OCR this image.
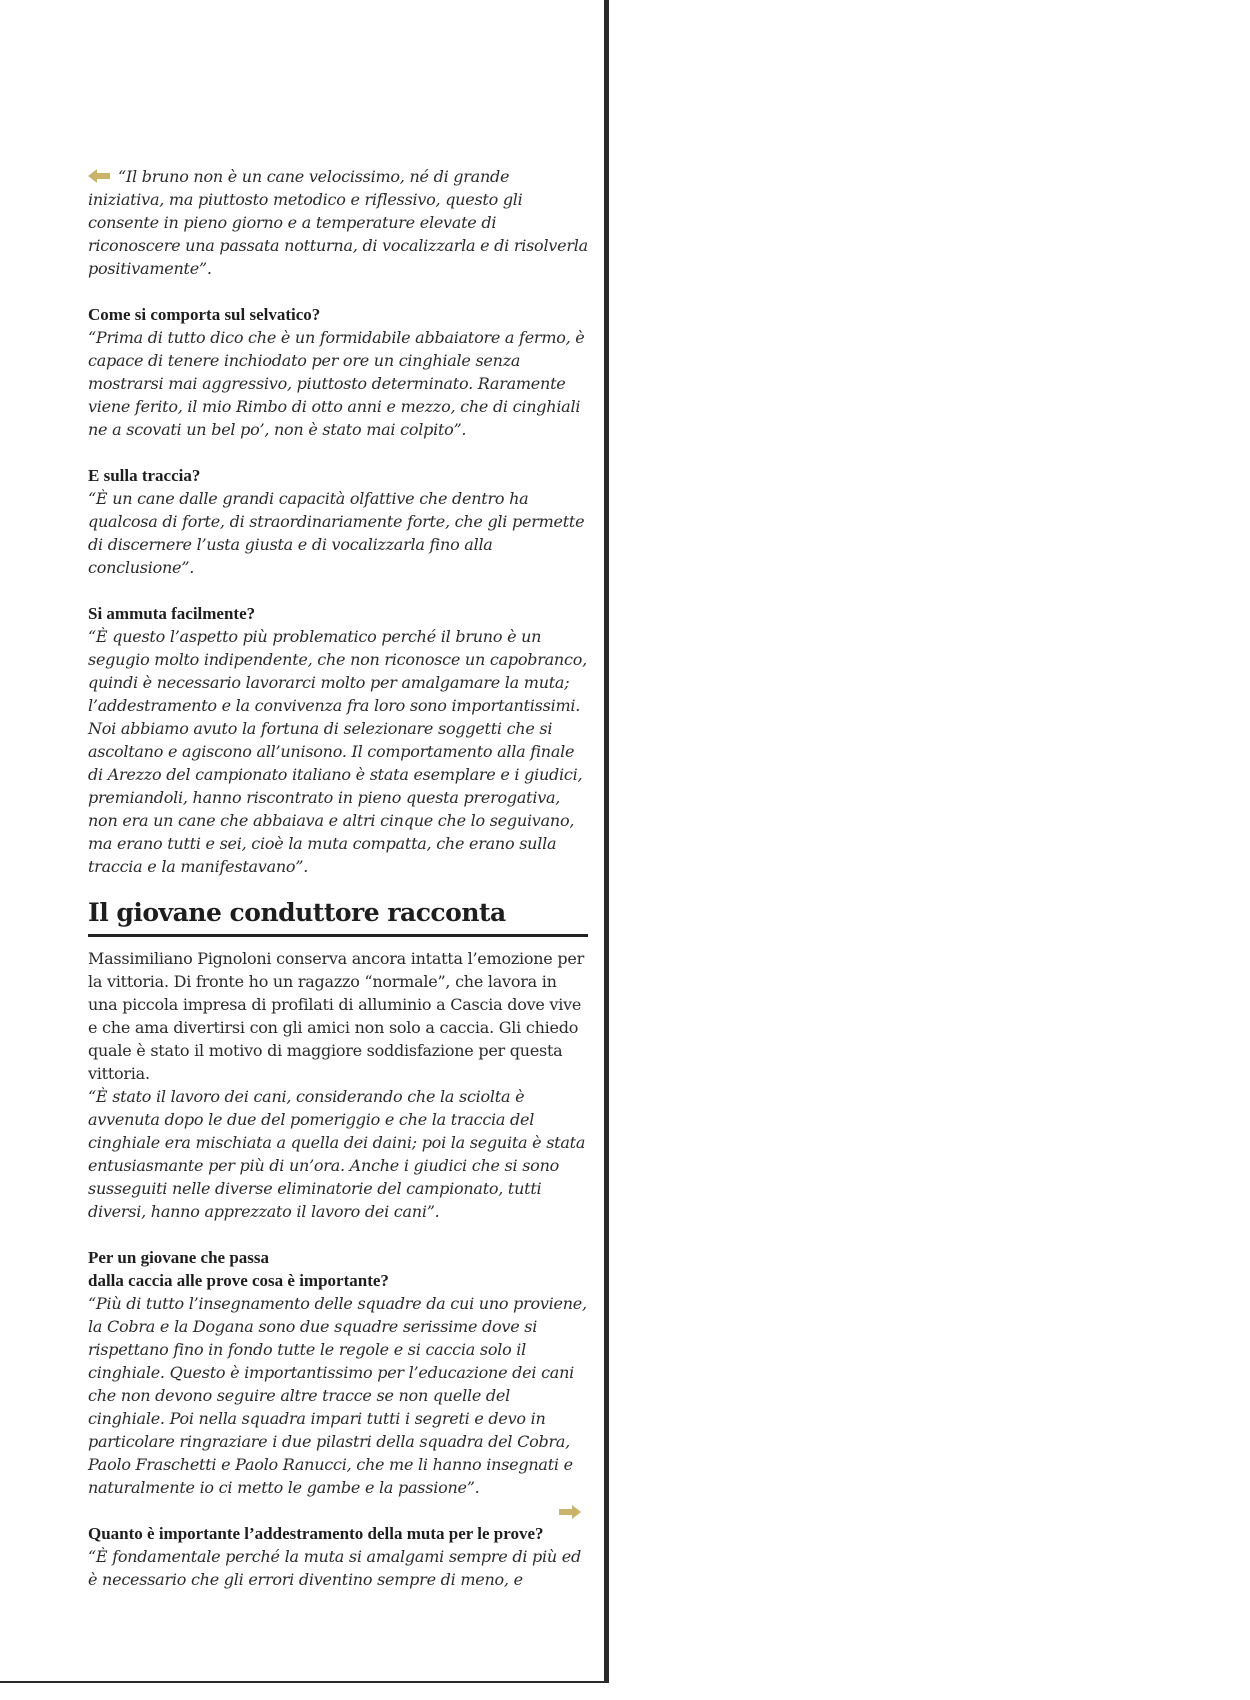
“Il bruno non è un cane velocissimo, né di grande iniziativa, ma piuttosto metodico e riflessivo, questo gli consente in pieno giorno e a temperature elevate di riconoscere una passata notturna, di vocalizzarla e di risolverla positivamente”.

Come si comporta sul selvatico?

“Prima di tutto dico che è un formidabile abbaiatore a fermo, è capace di tenere inchiodato per ore un cinghiale senza mostrarsi mai aggressivo, piuttosto determinato. Raramente viene ferito, il mio Rimbo di otto anni e mezzo, che di cinghiali ne a scovati un bel po’, non è stato mai colpito”.

E sulla traccia?

“È un cane dalle grandi capacità olfattive che dentro ha qualcosa di forte, di straordinariamente forte, che gli permette di discernere l’usta giusta e di vocalizzarla fino alla conclusione”.

Si ammuta facilmente?

“È questo l’aspetto più problematico perché il bruno è un segugio molto indipendente, che non riconosce un capobranco, quindi è necessario lavorarci molto per amalgamare la muta; l’addestramento e la convivenza fra loro sono importantissimi. Noi abbiamo avuto la fortuna di selezionare soggetti che si ascoltano e agiscono all’unisono. Il comportamento alla finale di Arezzo del campionato italiano è stata esemplare e i giudici, premiandoli, hanno riscontrato in pieno questa prerogativa, non era un cane che abbaiava e altri cinque che lo seguivano, ma erano tutti e sei, cioè la muta compatta, che erano sulla traccia e la manifestavano”.

Il giovane conduttore racconta

Massimiliano Pignoloni conserva ancora intatta l’emozione per la vittoria. Di fronte ho un ragazzo “normale”, che lavora in una piccola impresa di profilati di alluminio a Cascia dove vive e che ama divertirsi con gli amici non solo a caccia. Gli chiedo quale è stato il motivo di maggiore soddisfazione per questa vittoria.

“È stato il lavoro dei cani, considerando che la sciolta è avvenuta dopo le due del pomeriggio e che la traccia del cinghiale era mischiata a quella dei daini; poi la seguita è stata entusiasmante per più di un’ora. Anche i giudici che si sono susseguiti nelle diverse eliminatorie del campionato, tutti diversi, hanno apprezzato il lavoro dei cani”.

Per un giovane che passa
dalla caccia alle prove cosa è importante?

“Più di tutto l’insegnamento delle squadre da cui uno proviene, la Cobra e la Dogana sono due squadre serissime dove si rispettano fino in fondo tutte le regole e si caccia solo il cinghiale. Questo è importantissimo per l’educazione dei cani che non devono seguire altre tracce se non quelle del cinghiale. Poi nella squadra impari tutti i segreti e devo in particolare ringraziare i due pilastri della squadra del Cobra, Paolo Fraschetti e Paolo Ranucci, che me li hanno insegnati e naturalmente io ci metto le gambe e la passione”.

Quanto è importante l’addestramento della muta per le prove?

“È fondamentale perché la muta si amalgami sempre di più ed è necessario che gli errori diventino sempre di meno, e
